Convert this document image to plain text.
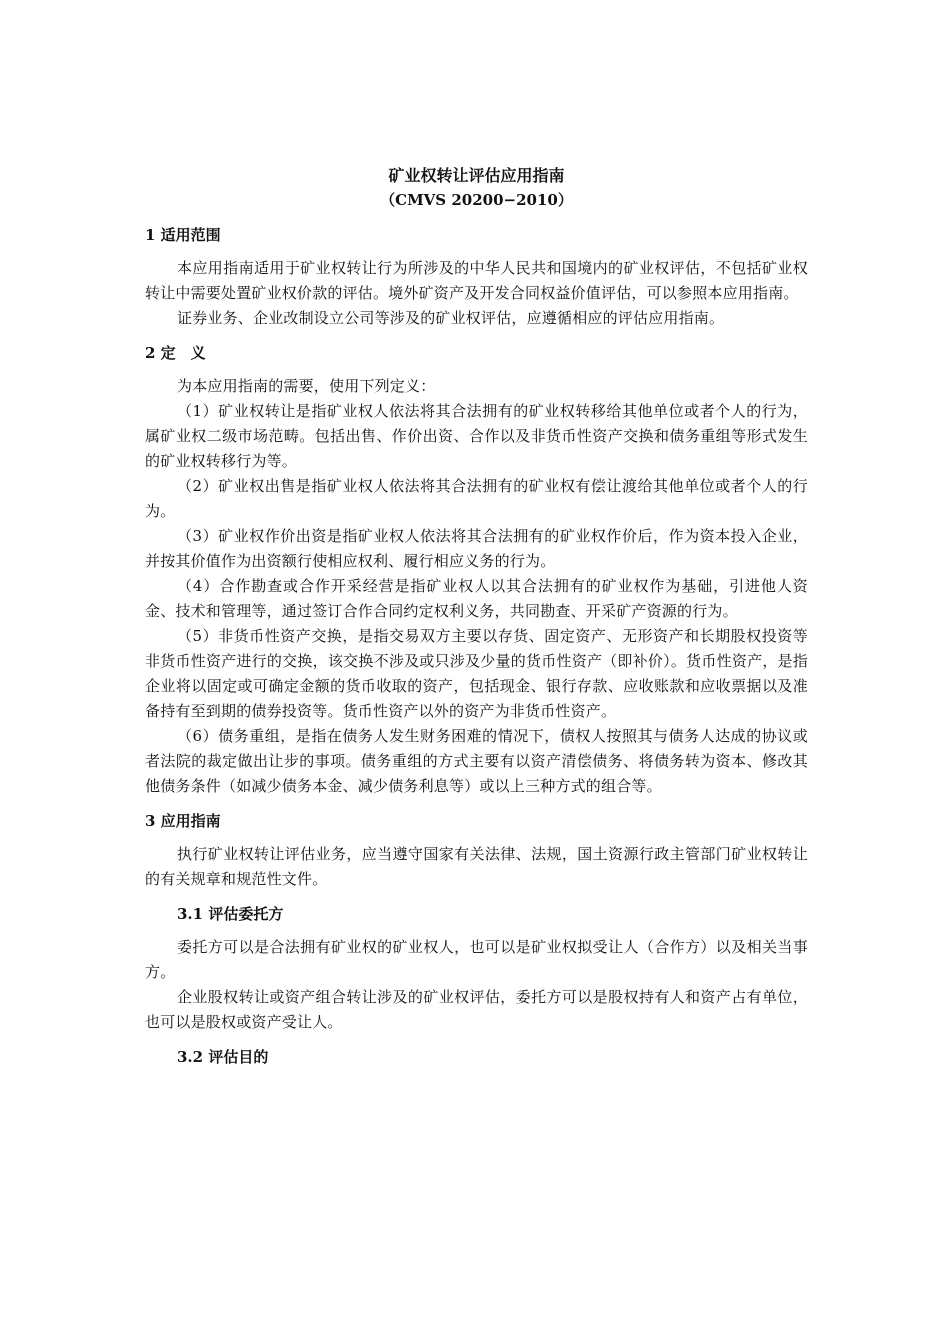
矿业权转让评估应用指南

（CMVS 20200−2010）

1 适用范围

本应用指南适用于矿业权转让行为所涉及的中华人民共和国境内的矿业权评估，不包括矿业权转让中需要处置矿业权价款的评估。境外矿资产及开发合同权益价值评估，可以参照本应用指南。

证券业务、企业改制设立公司等涉及的矿业权评估，应遵循相应的评估应用指南。

2 定　义

为本应用指南的需要，使用下列定义：

（1）矿业权转让是指矿业权人依法将其合法拥有的矿业权转移给其他单位或者个人的行为，属矿业权二级市场范畴。包括出售、作价出资、合作以及非货币性资产交换和债务重组等形式发生的矿业权转移行为等。

（2）矿业权出售是指矿业权人依法将其合法拥有的矿业权有偿让渡给其他单位或者个人的行为。

（3）矿业权作价出资是指矿业权人依法将其合法拥有的矿业权作价后，作为资本投入企业，并按其价值作为出资额行使相应权利、履行相应义务的行为。

（4）合作勘查或合作开采经营是指矿业权人以其合法拥有的矿业权作为基础，引进他人资金、技术和管理等，通过签订合作合同约定权利义务，共同勘查、开采矿产资源的行为。

（5）非货币性资产交换，是指交易双方主要以存货、固定资产、无形资产和长期股权投资等非货币性资产进行的交换，该交换不涉及或只涉及少量的货币性资产（即补价）。货币性资产，是指企业将以固定或可确定金额的货币收取的资产，包括现金、银行存款、应收账款和应收票据以及准备持有至到期的债券投资等。货币性资产以外的资产为非货币性资产。

（6）债务重组，是指在债务人发生财务困难的情况下，债权人按照其与债务人达成的协议或者法院的裁定做出让步的事项。债务重组的方式主要有以资产清偿债务、将债务转为资本、修改其他债务条件（如减少债务本金、减少债务利息等）或以上三种方式的组合等。

3 应用指南

执行矿业权转让评估业务，应当遵守国家有关法律、法规，国土资源行政主管部门矿业权转让的有关规章和规范性文件。

3.1 评估委托方

委托方可以是合法拥有矿业权的矿业权人，也可以是矿业权拟受让人（合作方）以及相关当事方。

企业股权转让或资产组合转让涉及的矿业权评估，委托方可以是股权持有人和资产占有单位，也可以是股权或资产受让人。

3.2 评估目的
